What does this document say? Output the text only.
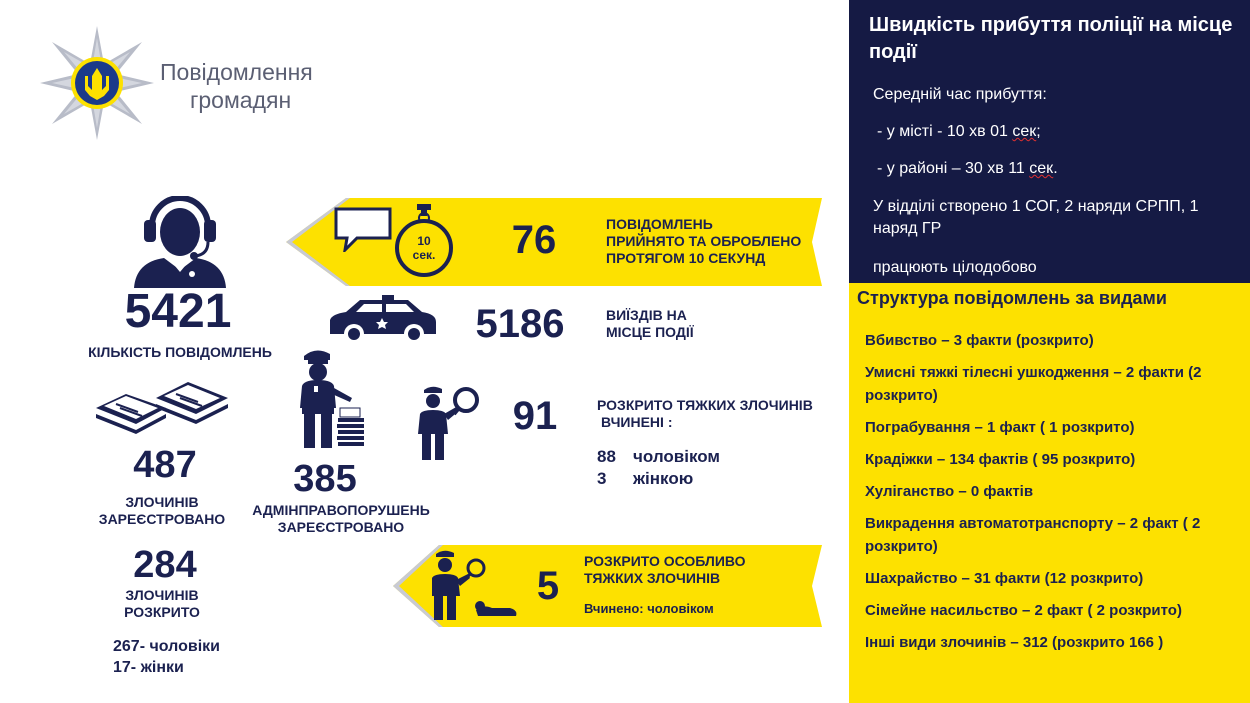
Повідомлення
громадян
5421
КІЛЬКІСТЬ ПОВІДОМЛЕНЬ
487
ЗЛОЧИНІВ
ЗАРЕЄСТРОВАНО
284
ЗЛОЧИНІВ
РОЗКРИТО
267- чоловіки
17- жінки
385
АДМІНПРАВОПОРУШЕНЬ
ЗАРЕЄСТРОВАНО
10
сек.	76	ПОВІДОМЛЕНЬ
ПРИЙНЯТО ТА ОБРОБЛЕНО
ПРОТЯГОМ 10 СЕКУНД
5186	ВИЇЗДІВ НА
МІСЦЕ ПОДІЇ
91	РОЗКРИТО ТЯЖКИХ ЗЛОЧИНІВ
ВЧИНЕНІ :
88 чоловіком
3 жінкою
5
РОЗКРИТО ОСОБЛИВО
ТЯЖКИХ ЗЛОЧИНІВ
Вчинено: чоловіком
Швидкість прибуття поліції на місце події
Середній час прибуття:
- у місті - 10 хв 01 сек;
- у районі – 30 хв 11 сек.
У відділі створено 1 СОГ, 2 наряди СРПП, 1 наряд ГР
працюють цілодобово
Структура повідомлень за видами
Вбивство – 3 факти (розкрито)
Умисні тяжкі тілесні ушкодження – 2 факти (2 розкрито)
Пограбування – 1 факт ( 1 розкрито)
Крадіжки – 134 фактів ( 95 розкрито)
Хуліганство – 0 фактів
Викрадення автоматотранспорту – 2 факт ( 2 розкрито)
Шахрайство – 31 факти (12 розкрито)
Сімейне насильство – 2 факт ( 2 розкрито)
Інші види злочинів – 312 (розкрито 166 )
